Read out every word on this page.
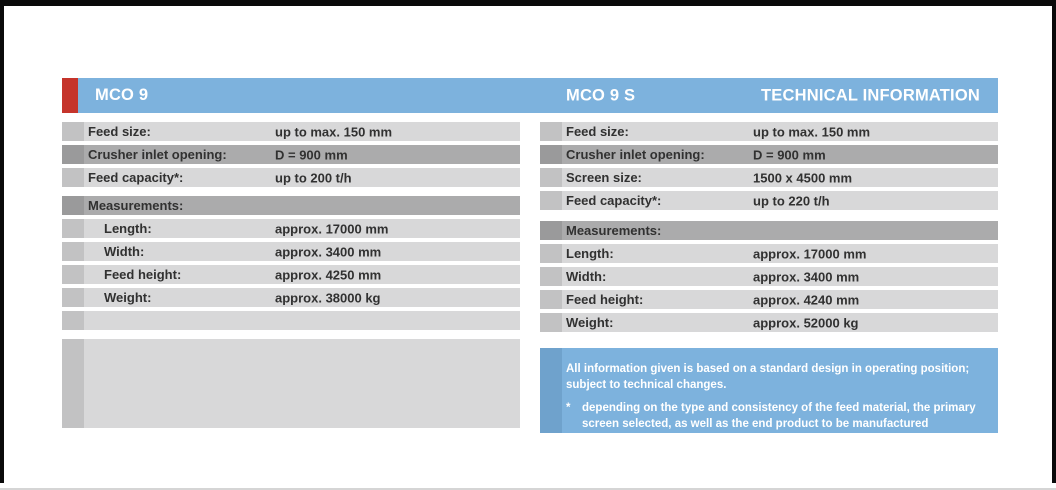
MCO 9	MCO 9 S	TECHNICAL INFORMATION
Feed size:	up to max. 150 mm
Crusher inlet opening:	D = 900 mm
Feed capacity*:	up to 200 t/h
Measurements:
Length:	approx. 17000 mm
Width:	approx. 3400 mm
Feed height:	approx. 4250 mm
Weight:	approx. 38000 kg
Feed size:	up to max. 150 mm
Crusher inlet opening:	D = 900 mm
Screen size:	1500 x 4500 mm
Feed capacity*:	up to 220 t/h
Measurements:
Length:	approx. 17000 mm
Width:	approx. 3400 mm
Feed height:	approx. 4240 mm
Weight:	approx. 52000 kg
All information given is based on a standard design in operating position; subject to technical changes.
*	depending on the type and consistency of the feed material, the primary screen selected, as well as the end product to be manufactured
